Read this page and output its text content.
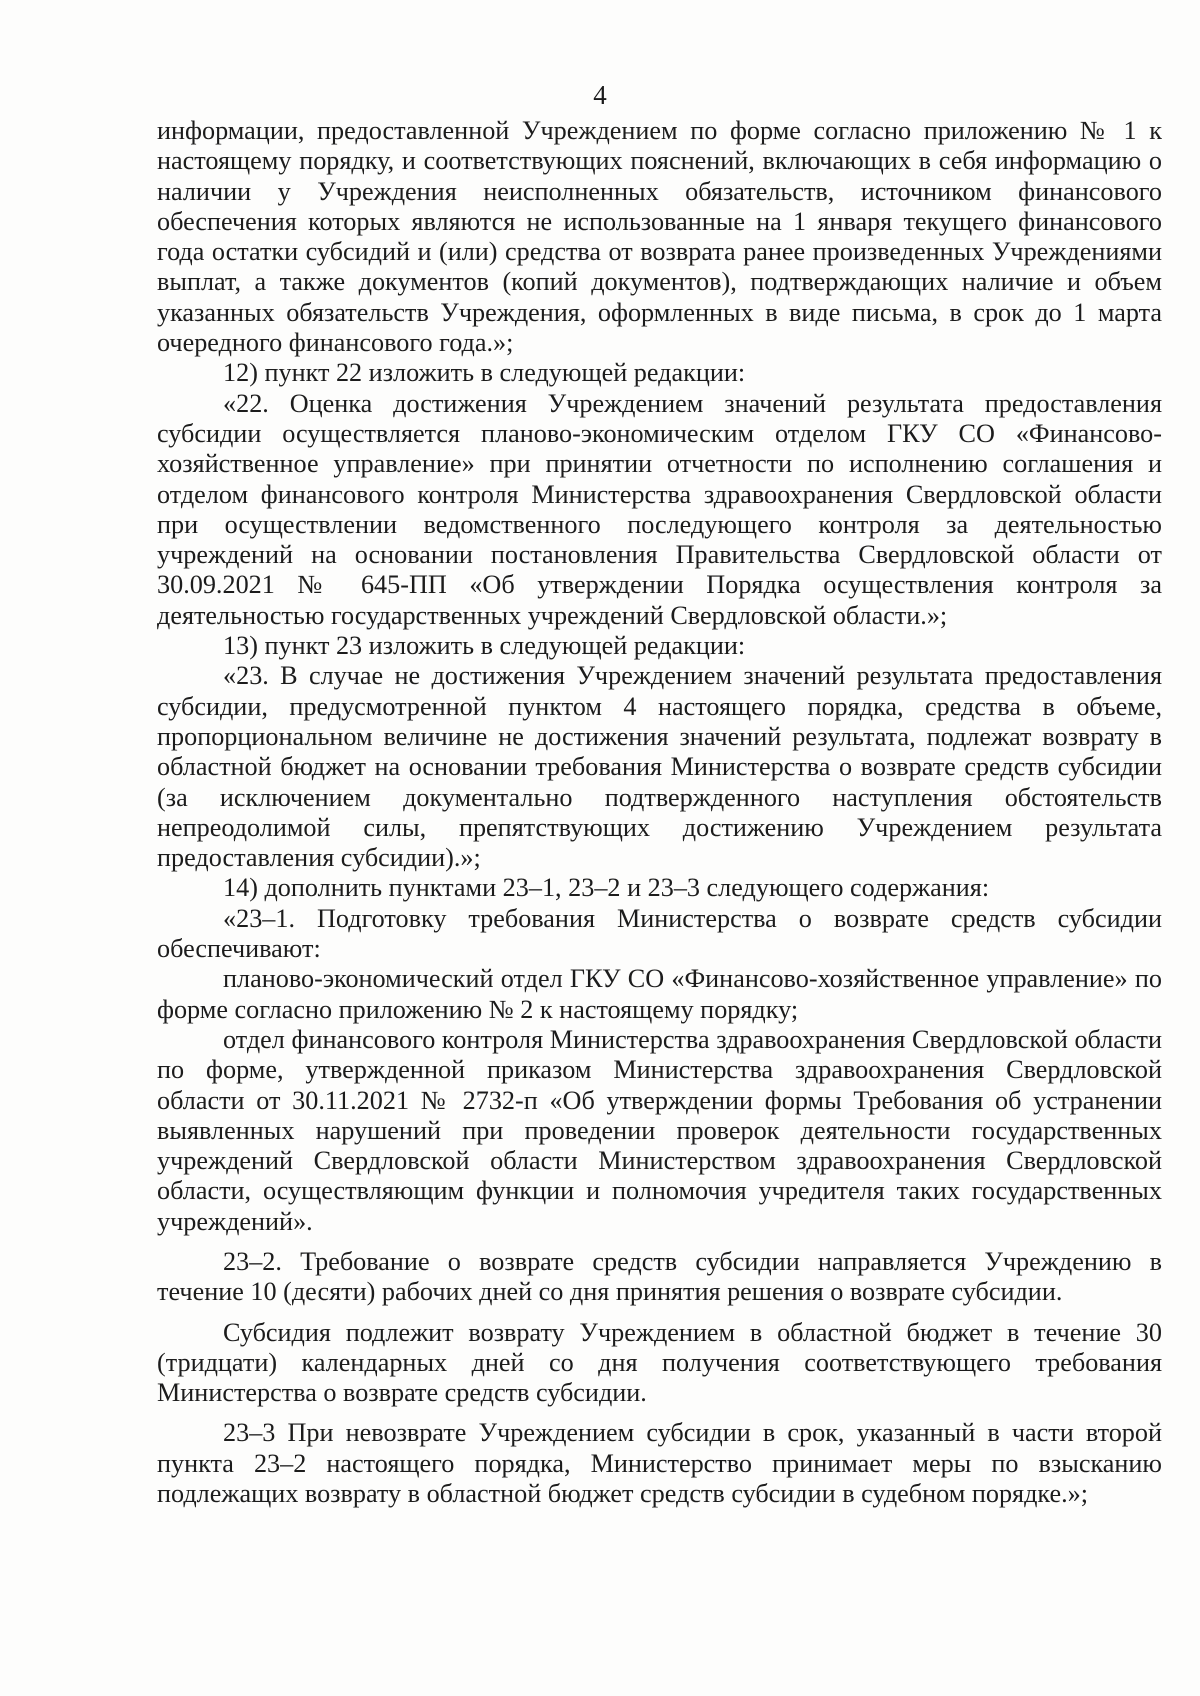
4

информации, предоставленной Учреждением по форме согласно приложению № 1 к настоящему порядку, и соответствующих пояснений, включающих в себя информацию о наличии у Учреждения неисполненных обязательств, источником финансового обеспечения которых являются не использованные на 1 января текущего финансового года остатки субсидий и (или) средства от возврата ранее произведенных Учреждениями выплат, а также документов (копий документов), подтверждающих наличие и объем указанных обязательств Учреждения, оформленных в виде письма, в срок до 1 марта очередного финансового года.»;

12) пункт 22 изложить в следующей редакции:

«22. Оценка достижения Учреждением значений результата предоставления субсидии осуществляется планово-экономическим отделом ГКУ СО «Финансово-хозяйственное управление» при принятии отчетности по исполнению соглашения и отделом финансового контроля Министерства здравоохранения Свердловской области при осуществлении ведомственного последующего контроля за деятельностью учреждений на основании постановления Правительства Свердловской области от 30.09.2021 № 645-ПП «Об утверждении Порядка осуществления контроля за деятельностью государственных учреждений Свердловской области.»;

13) пункт 23 изложить в следующей редакции:

«23. В случае не достижения Учреждением значений результата предоставления субсидии, предусмотренной пунктом 4 настоящего порядка, средства в объеме, пропорциональном величине не достижения значений результата, подлежат возврату в областной бюджет на основании требования Министерства о возврате средств субсидии (за исключением документально подтвержденного наступления обстоятельств непреодолимой силы, препятствующих достижению Учреждением результата предоставления субсидии).»;

14) дополнить пунктами 23–1, 23–2 и 23–3 следующего содержания:

«23–1. Подготовку требования Министерства о возврате средств субсидии обеспечивают:

планово-экономический отдел ГКУ СО «Финансово-хозяйственное управление» по форме согласно приложению № 2 к настоящему порядку;

отдел финансового контроля Министерства здравоохранения Свердловской области по форме, утвержденной приказом Министерства здравоохранения Свердловской области от 30.11.2021 № 2732-п «Об утверждении формы Требования об устранении выявленных нарушений при проведении проверок деятельности государственных учреждений Свердловской области Министерством здравоохранения Свердловской области, осуществляющим функции и полномочия учредителя таких государственных учреждений».

23–2. Требование о возврате средств субсидии направляется Учреждению в течение 10 (десяти) рабочих дней со дня принятия решения о возврате субсидии.

Субсидия подлежит возврату Учреждением в областной бюджет в течение 30 (тридцати) календарных дней со дня получения соответствующего требования Министерства о возврате средств субсидии.

23–3 При невозврате Учреждением субсидии в срок, указанный в части второй пункта 23–2 настоящего порядка, Министерство принимает меры по взысканию подлежащих возврату в областной бюджет средств субсидии в судебном порядке.»;
